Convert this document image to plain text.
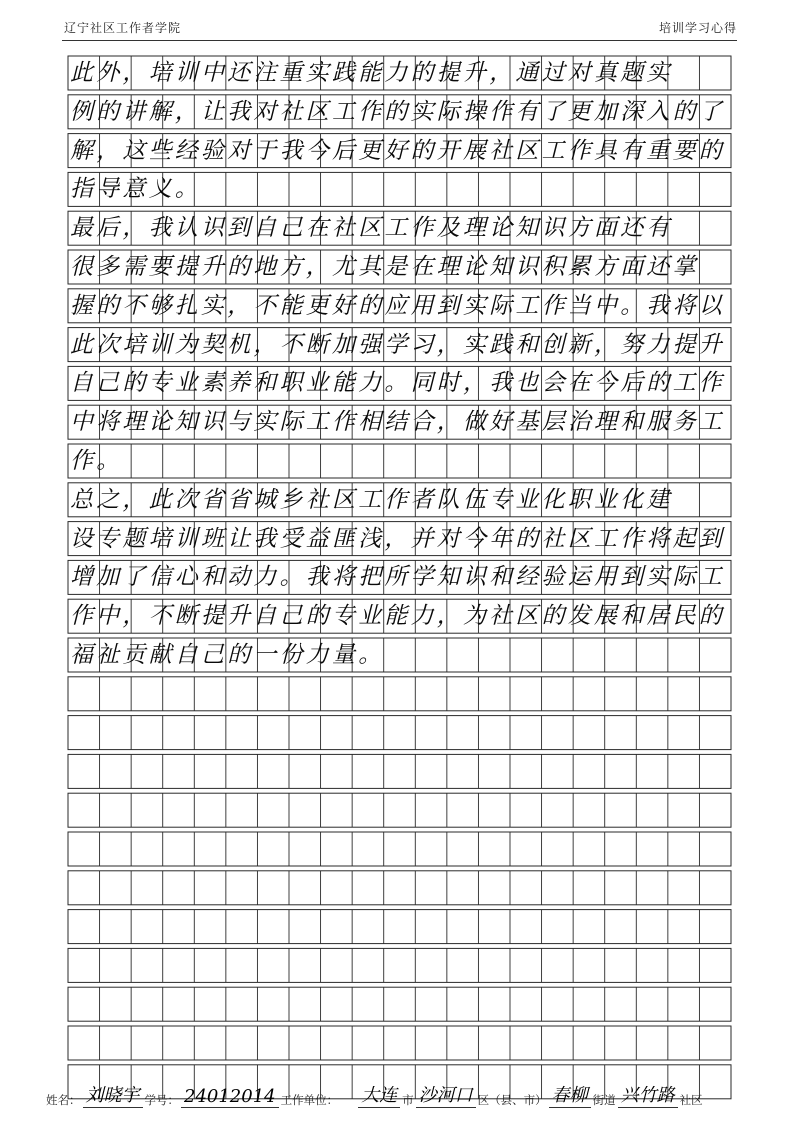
辽宁社区工作者学院	培训学习心得
此外，培训中还注重实践能力的提升，通过对真题实
例的讲解，让我对社区工作的实际操作有了更加深入的了
解，这些经验对于我今后更好的开展社区工作具有重要的
指导意义。
最后，我认识到自己在社区工作及理论知识方面还有
很多需要提升的地方，尤其是在理论知识积累方面还掌
握的不够扎实，不能更好的应用到实际工作当中。我将以
此次培训为契机，不断加强学习，实践和创新，努力提升
自己的专业素养和职业能力。同时，我也会在今后的工作
中将理论知识与实际工作相结合，做好基层治理和服务工
作。
总之，此次省省城乡社区工作者队伍专业化职业化建
设专题培训班让我受益匪浅，并对今年的社区工作将起到
增加了信心和动力。我将把所学知识和经验运用到实际工
作中，不断提升自己的专业能力，为社区的发展和居民的
福祉贡献自己的一份力量。
姓名： 刘晓宇 学号： 24012014 工作单位： 大连 市 沙河口 区（县、市） 春柳 街道 兴竹路 社区
